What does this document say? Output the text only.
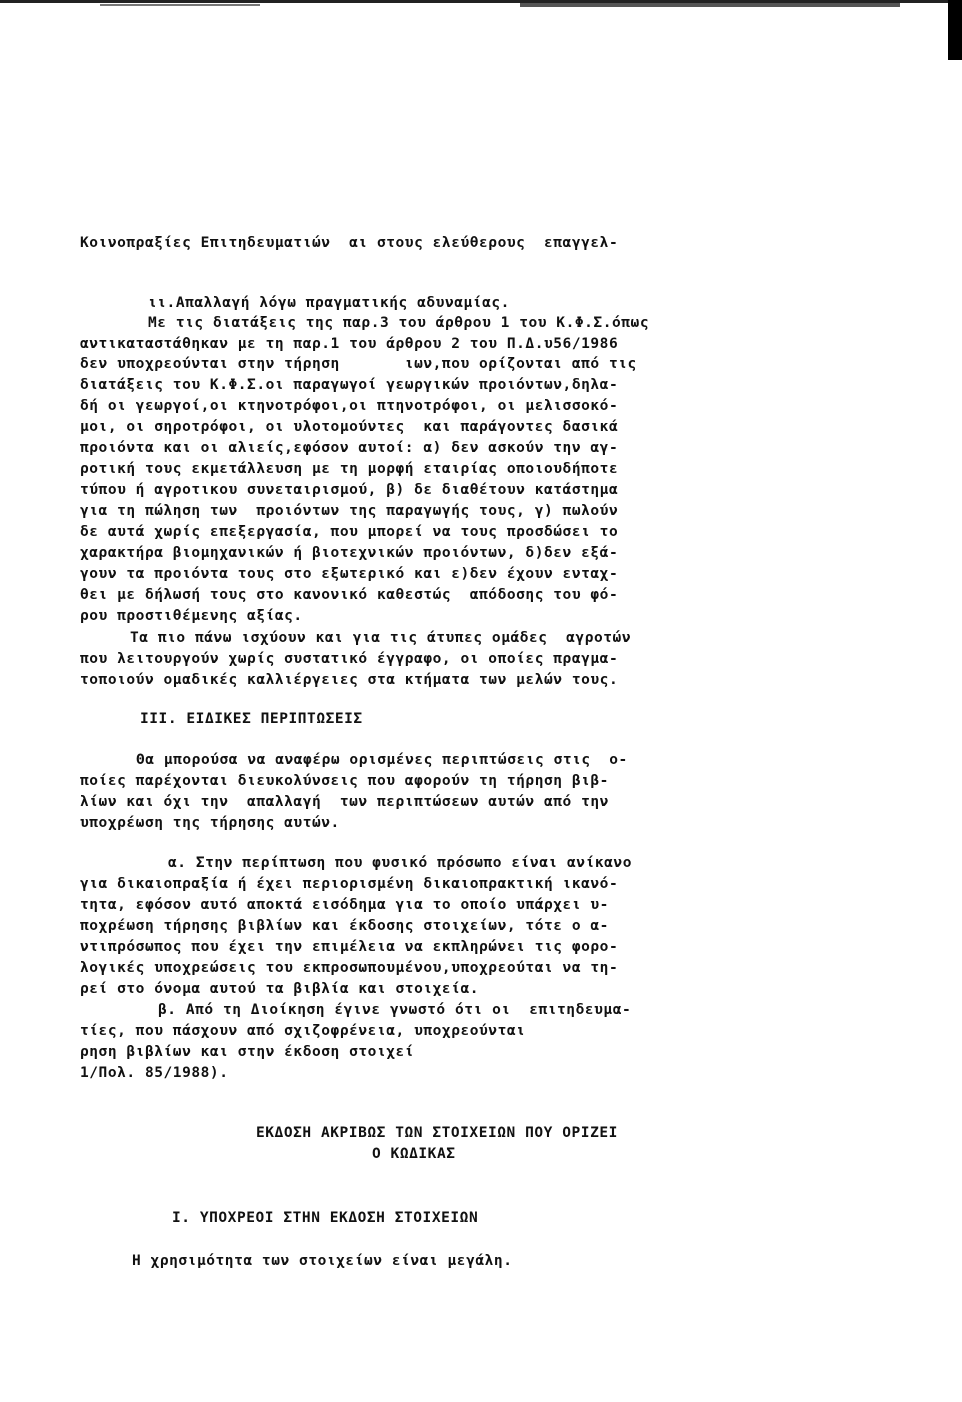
Κοινοπραξίες Επιτηδευματιών  αι στους ελεύθερους  επαγγελ-
ιι.Απαλλαγή λόγω πραγματικής αδυναμίας.
Με τις διατάξεις της παρ.3 του άρθρου 1 του Κ.Φ.Σ.όπως
αντικαταστάθηκαν με τη παρ.1 του άρθρου 2 του Π.Δ.υ56/1986
δεν υποχρεούνται στην τήρηση       ιων,που ορίζονται από τις
διατάξεις του Κ.Φ.Σ.οι παραγωγοί γεωργικών προιόντων,δηλα-
δή οι γεωργοί,οι κτηνοτρόφοι,οι πτηνοτρόφοι, οι μελισσοκό-
μοι, οι σηροτρόφοι, οι υλοτομούντες  και παράγοντες δασικά
προιόντα και οι αλιείς,εφόσον αυτοί: α) δεν ασκούν την αγ-
ροτική τους εκμετάλλευση με τη μορφή εταιρίας οποιουδήποτε
τύπου ή αγροτικου συνεταιρισμού, β) δε διαθέτουν κατάστημα
για τη πώληση των  προιόντων της παραγωγής τους, γ) πωλούν
δε αυτά χωρίς επεξεργασία, που μπορεί να τους προσδώσει το
χαρακτήρα βιομηχανικών ή βιοτεχνικών προιόντων, δ)δεν εξά-
γουν τα προιόντα τους στο εξωτερικό και ε)δεν έχουν ενταχ-
θει με δήλωσή τους στο κανονικό καθεστώς  απόδοσης του φό-
ρου προστιθέμενης αξίας.
Τα πιο πάνω ισχύουν και για τις άτυπες ομάδες  αγροτών
που λειτουργούν χωρίς συστατικό έγγραφο, οι οποίες πραγμα-
τοποιούν ομαδικές καλλιέργειες στα κτήματα των μελών τους.
III. ΕΙΔΙΚΕΣ ΠΕΡΙΠΤΩΣΕΙΣ
Θα μπορούσα να αναφέρω ορισμένες περιπτώσεις στις  ο-
ποίες παρέχονται διευκολύνσεις που αφορούν τη τήρηση βιβ-
λίων και όχι την  απαλλαγή  των περιπτώσεων αυτών από την
υποχρέωση της τήρησης αυτών.
α. Στην περίπτωση που φυσικό πρόσωπο είναι ανίκανο
για δικαιοπραξία ή έχει περιορισμένη δικαιοπρακτική ικανό-
τητα, εφόσον αυτό αποκτά εισόδημα για το οποίο υπάρχει υ-
ποχρέωση τήρησης βιβλίων και έκδοσης στοιχείων, τότε ο α-
ντιπρόσωπος που έχει την επιμέλεια να εκπληρώνει τις φορο-
λογικές υποχρεώσεις του εκπροσωπουμένου,υποχρεούται να τη-
ρεί στο όνομα αυτού τα βιβλία και στοιχεία.
β. Από τη Διοίκηση έγινε γνωστό ότι οι  επιτηδευμα-
τίες, που πάσχουν από σχιζοφρένεια, υποχρεούνται
ρηση βιβλίων και στην έκδοση στοιχεί
1/Πολ. 85/1988).
ΕΚΔΟΣΗ ΑΚΡΙΒΩΣ ΤΩΝ ΣΤΟΙΧΕΙΩΝ ΠΟΥ ΟΡΙΖΕΙ
Ο ΚΩΔΙΚΑΣ
Ι. ΥΠΟΧΡΕΟΙ ΣΤΗΝ ΕΚΔΟΣΗ ΣΤΟΙΧΕΙΩΝ
Η χρησιμότητα των στοιχείων είναι μεγάλη.
